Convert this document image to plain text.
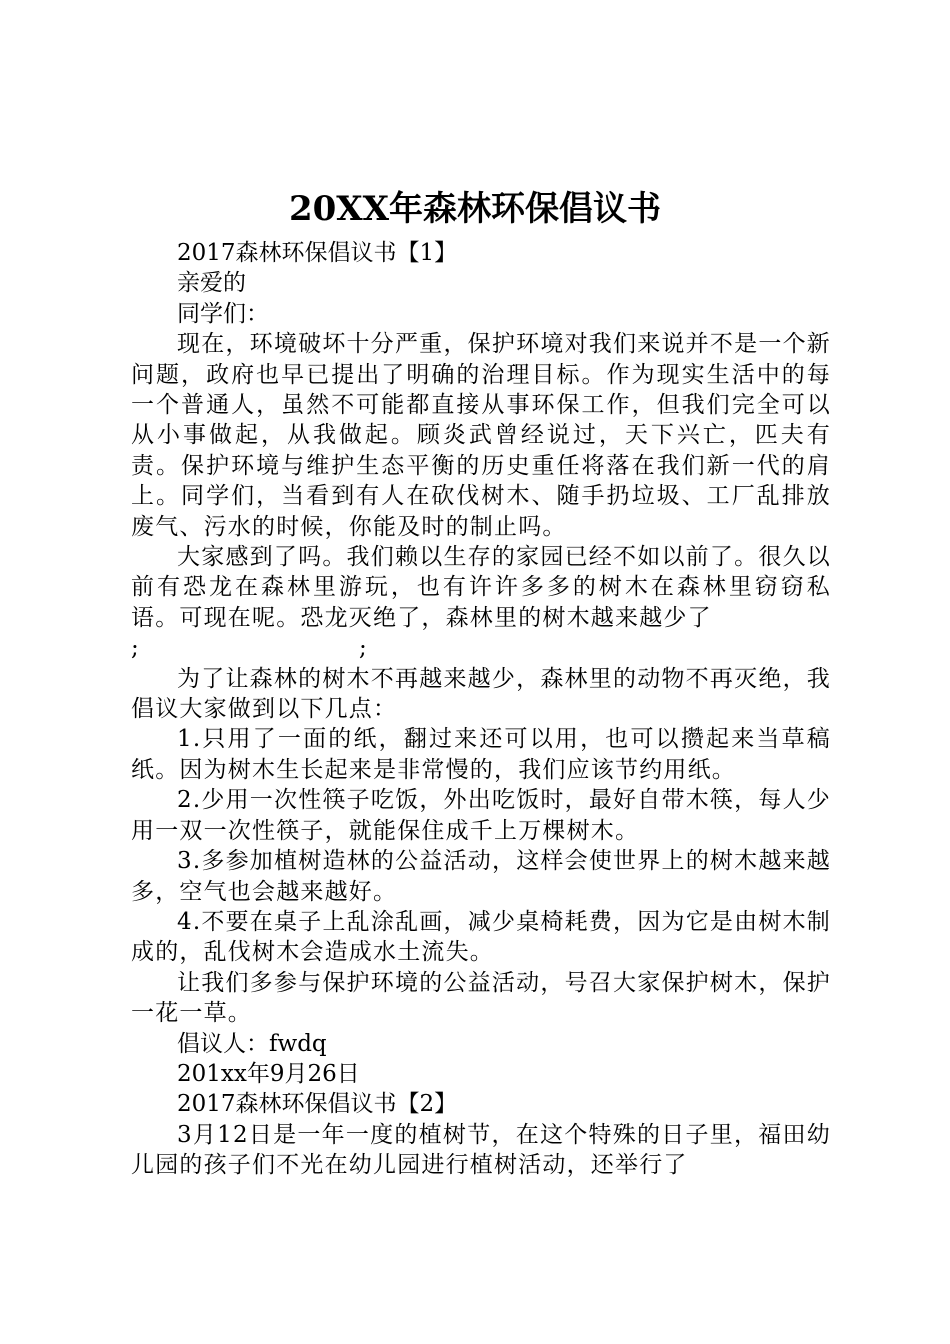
20XX年森林环保倡议书

2017森林环保倡议书【1】

亲爱的

同学们：

现在，环境破坏十分严重，保护环境对我们来说并不是一个新问题，政府也早已提出了明确的治理目标。作为现实生活中的每一个普通人，虽然不可能都直接从事环保工作，但我们完全可以从小事做起，从我做起。顾炎武曾经说过，天下兴亡，匹夫有责。保护环境与维护生态平衡的历史重任将落在我们新一代的肩上。同学们，当看到有人在砍伐树木、随手扔垃圾、工厂乱排放废气、污水的时候，你能及时的制止吗。

大家感到了吗。我们赖以生存的家园已经不如以前了。很久以前有恐龙在森林里游玩，也有许许多多的树木在森林里窃窃私语。可现在呢。恐龙灭绝了，森林里的树木越来越少了

;	;

为了让森林的树木不再越来越少，森林里的动物不再灭绝，我倡议大家做到以下几点：

1.只用了一面的纸，翻过来还可以用，也可以攒起来当草稿纸。因为树木生长起来是非常慢的，我们应该节约用纸。

2.少用一次性筷子吃饭，外出吃饭时，最好自带木筷，每人少用一双一次性筷子，就能保住成千上万棵树木。

3.多参加植树造林的公益活动，这样会使世界上的树木越来越多，空气也会越来越好。

4.不要在桌子上乱涂乱画，减少桌椅耗费，因为它是由树木制成的，乱伐树木会造成水土流失。

让我们多参与保护环境的公益活动，号召大家保护树木，保护一花一草。

倡议人：fwdq

201xx年9月26日

2017森林环保倡议书【2】

3月12日是一年一度的植树节，在这个特殊的日子里，福田幼儿园的孩子们不光在幼儿园进行植树活动，还举行了
